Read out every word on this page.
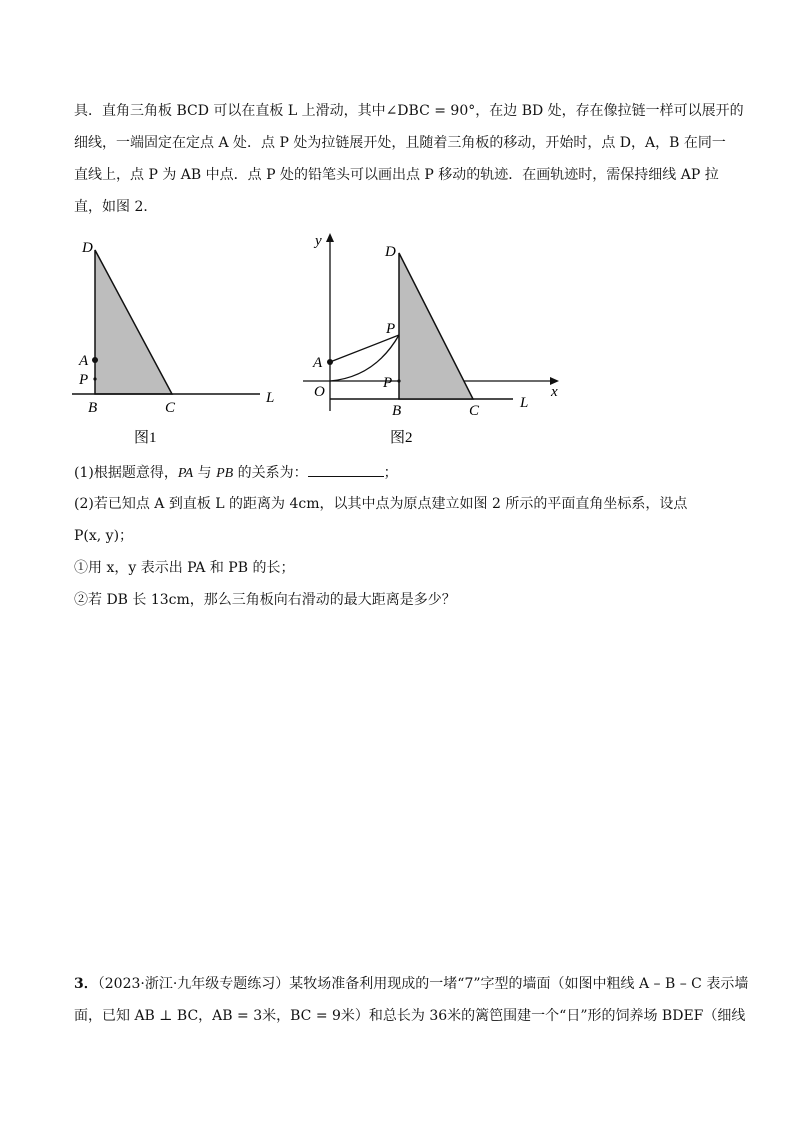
具．直角三角板 BCD 可以在直板 L 上滑动，其中∠DBC = 90°，在边 BD 处，存在像拉链一样可以展开的
细线，一端固定在定点 A 处．点 P 处为拉链展开处，且随着三角板的移动，开始时，点 D，A，B 在同一
直线上，点 P 为 AB 中点．点 P 处的铅笔头可以画出点 P 移动的轨迹．在画轨迹时，需保持细线 AP 拉
直，如图 2．
D
A
P
B	C
L
图1
y
D
P
A
O
P
B	C	L
x
图2
(1)根据题意得，PA 与 PB 的关系为：	；
(2)若已知点 A 到直板 L 的距离为 4cm，以其中点为原点建立如图 2 所示的平面直角坐标系，设点
P(x, y)；
①用 x，y 表示出 PA 和 PB 的长；
②若 DB 长 13cm，那么三角板向右滑动的最大距离是多少？
3．（2023·浙江·九年级专题练习）某牧场准备利用现成的一堵“7”字型的墙面（如图中粗线 A – B – C 表示墙
面，已知 AB ⊥ BC，AB = 3米，BC = 9米）和总长为 36米的篱笆围建一个“日”形的饲养场 BDEF（细线
